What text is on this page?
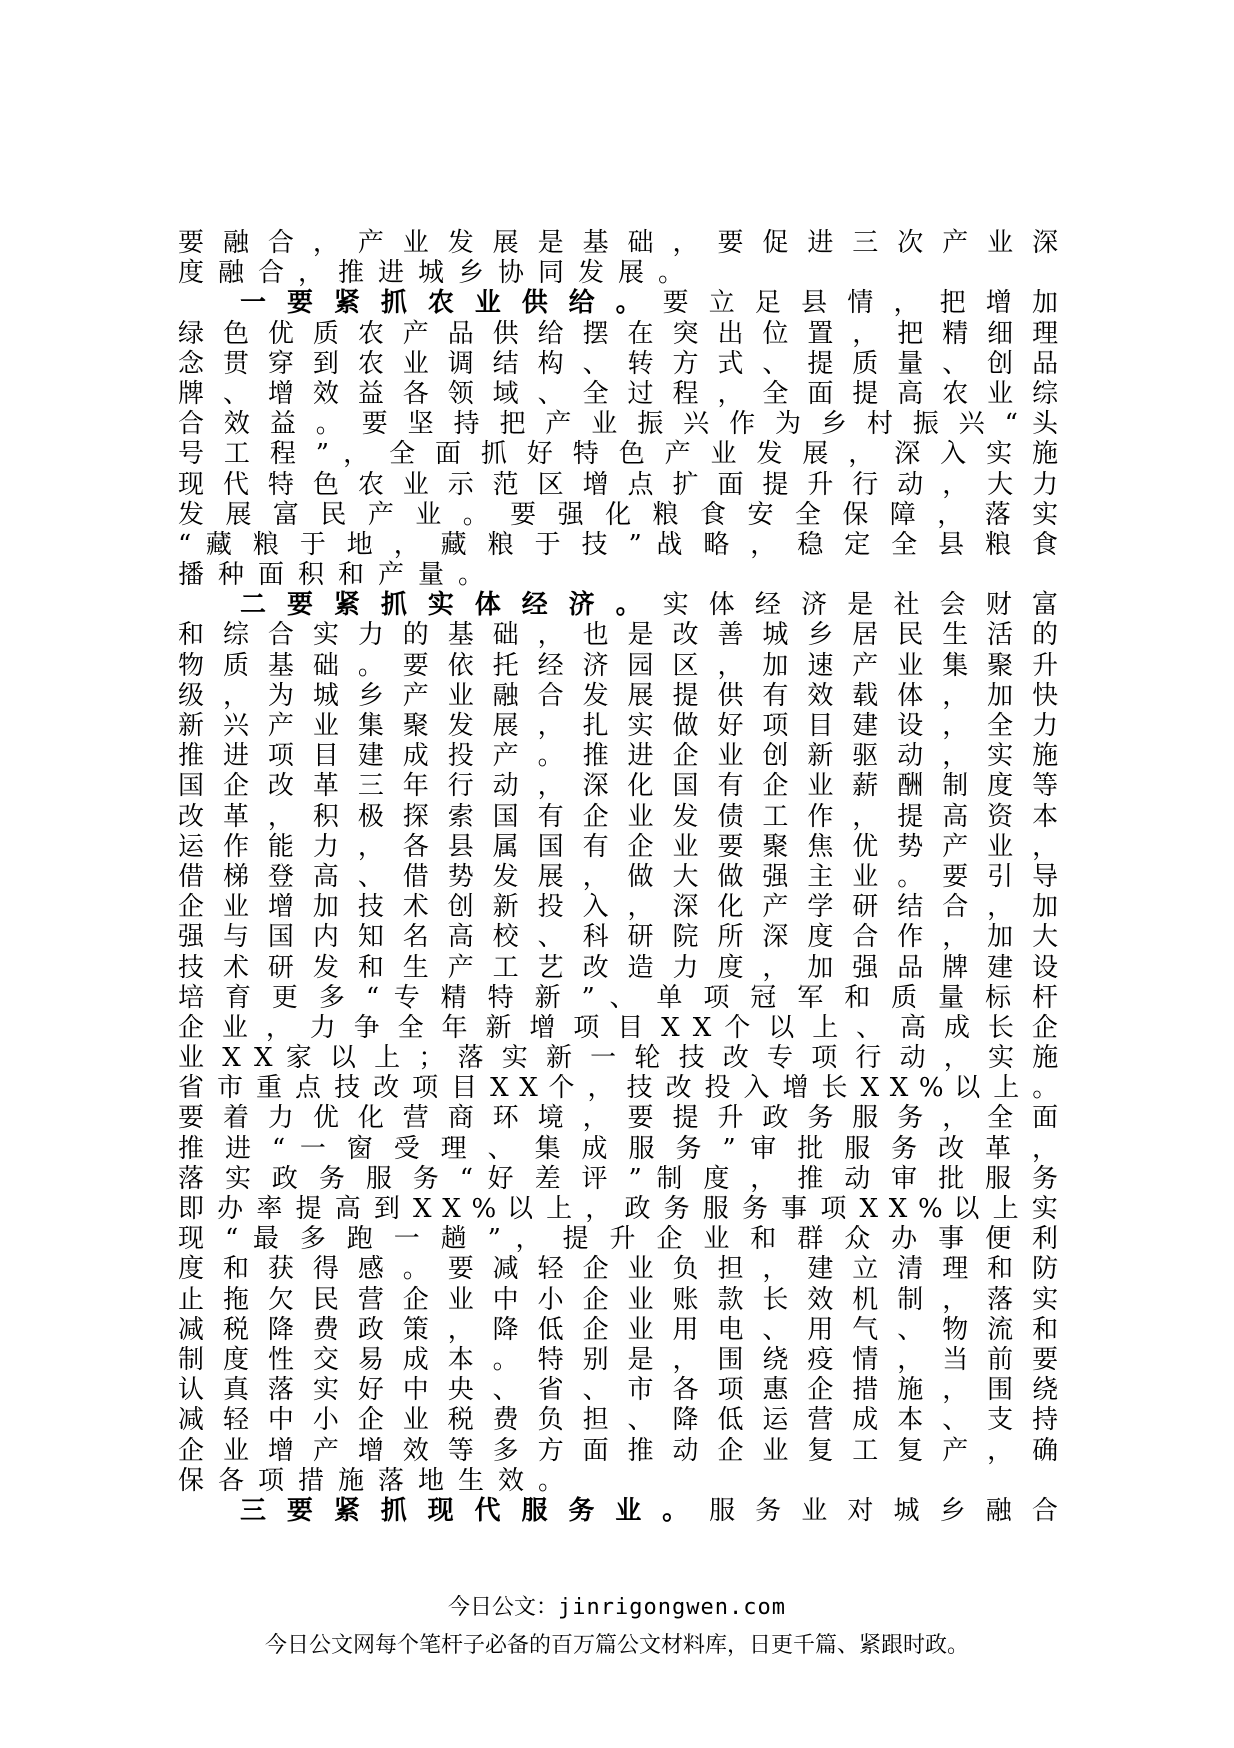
要 融 合 ， 产 业 发 展 是 基 础 ， 要 促 进 三 次 产 业 深
度融合，推进城乡协同发展。
一 要 紧 抓 农 业 供 给 。 要 立 足 县 情 ， 把 增 加
绿 色 优 质 农 产 品 供 给 摆 在 突 出 位 置 ， 把 精 细 理
念 贯 穿 到 农 业 调 结 构 、 转 方 式 、 提 质 量 、 创 品
牌 、 增 效 益 各 领 域 、 全 过 程 ， 全 面 提 高 农 业 综
合 效 益 。 要 坚 持 把 产 业 振 兴 作 为 乡 村 振 兴 “ 头
号 工 程 ” ， 全 面 抓 好 特 色 产 业 发 展 ， 深 入 实 施
现 代 特 色 农 业 示 范 区 增 点 扩 面 提 升 行 动 ， 大 力
发 展 富 民 产 业 。 要 强 化 粮 食 安 全 保 障 ， 落 实
“ 藏 粮 于 地 ， 藏 粮 于 技 ” 战 略 ， 稳 定 全 县 粮 食
播种面积和产量。
二 要 紧 抓 实 体 经 济 。 实 体 经 济 是 社 会 财 富
和 综 合 实 力 的 基 础 ， 也 是 改 善 城 乡 居 民 生 活 的
物 质 基 础 。 要 依 托 经 济 园 区 ， 加 速 产 业 集 聚 升
级 ， 为 城 乡 产 业 融 合 发 展 提 供 有 效 载 体 ， 加 快
新 兴 产 业 集 聚 发 展 ， 扎 实 做 好 项 目 建 设 ， 全 力
推 进 项 目 建 成 投 产 。 推 进 企 业 创 新 驱 动 ， 实 施
国 企 改 革 三 年 行 动 ， 深 化 国 有 企 业 薪 酬 制 度 等
改 革 ， 积 极 探 索 国 有 企 业 发 债 工 作 ， 提 高 资 本
运 作 能 力 ， 各 县 属 国 有 企 业 要 聚 焦 优 势 产 业 ，
借 梯 登 高 、 借 势 发 展 ， 做 大 做 强 主 业 。 要 引 导
企 业 增 加 技 术 创 新 投 入 ， 深 化 产 学 研 结 合 ， 加
强 与 国 内 知 名 高 校 、 科 研 院 所 深 度 合 作 ， 加 大
技 术 研 发 和 生 产 工 艺 改 造 力 度 ， 加 强 品 牌 建 设
培 育 更 多 “ 专 精 特 新 ” 、 单 项 冠 军 和 质 量 标 杆
企 业 ， 力 争 全 年 新 增 项 目 X X 个 以 上 、 高 成 长 企
业 X X 家 以 上 ； 落 实 新 一 轮 技 改 专 项 行 动 ， 实 施
省 市 重 点 技 改 项 目 X X 个 ， 技 改 投 入 增 长 X X % 以 上 。
要 着 力 优 化 营 商 环 境 ， 要 提 升 政 务 服 务 ， 全 面
推 进 “ 一 窗 受 理 、 集 成 服 务 ” 审 批 服 务 改 革 ，
落 实 政 务 服 务 “ 好 差 评 ” 制 度 ， 推 动 审 批 服 务
即 办 率 提 高 到 X X % 以 上 ， 政 务 服 务 事 项 X X % 以 上 实
现 “ 最 多 跑 一 趟 ” ， 提 升 企 业 和 群 众 办 事 便 利
度 和 获 得 感 。 要 减 轻 企 业 负 担 ， 建 立 清 理 和 防
止 拖 欠 民 营 企 业 中 小 企 业 账 款 长 效 机 制 ， 落 实
减 税 降 费 政 策 ， 降 低 企 业 用 电 、 用 气 、 物 流 和
制 度 性 交 易 成 本 。 特 别 是 ， 围 绕 疫 情 ， 当 前 要
认 真 落 实 好 中 央 、 省 、 市 各 项 惠 企 措 施 ， 围 绕
减 轻 中 小 企 业 税 费 负 担 、 降 低 运 营 成 本 、 支 持
企 业 增 产 增 效 等 多 方 面 推 动 企 业 复 工 复 产 ， 确
保各项措施落地生效。
三 要 紧 抓 现 代 服 务 业 。 服 务 业 对 城 乡 融 合
今日公文：jinrigongwen.com
今日公文网每个笔杆子必备的百万篇公文材料库，日更千篇、紧跟时政。
